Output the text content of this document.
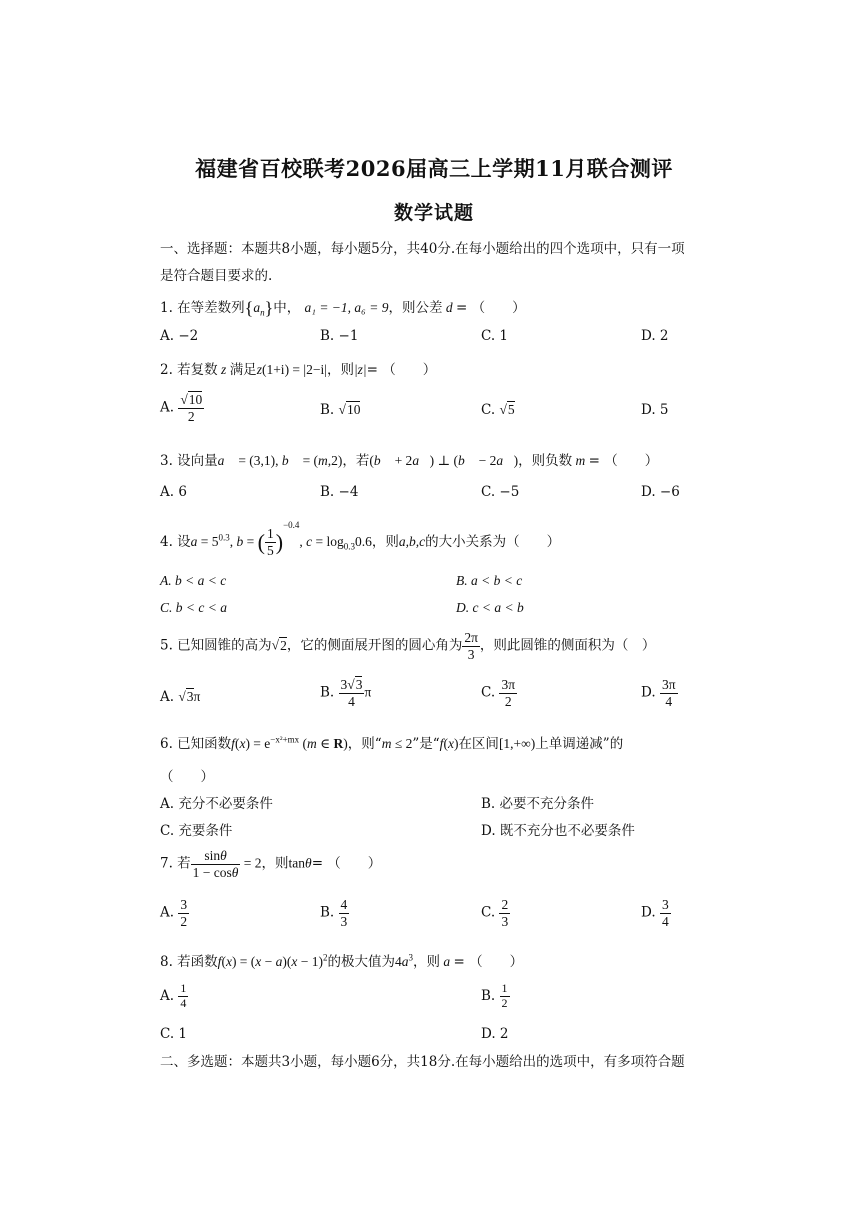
福建省百校联考2026届高三上学期11月联合测评
数学试题
一、选择题：本题共8小题，每小题5分，共40分.在每小题给出的四个选项中，只有一项
是符合题目要求的.
1. 在等差数列$\{a_n\}$中， a₁ = −1, a₆ = 9，则公差 d = （　　）
A. −2	B. −1	C. 1	D. 2
2. 若复数 z 满足z(1+i) = |2−i|，则|z|= （　　）
A. $\frac{√10}{2}$	B. √10	C. √5	D. 5
3. 设向量a⃗ = (3,1), b⃗ = (m,2)，若(b⃗ + 2a⃗) ⊥ (b⃗ − 2a⃗)，则负数 m = （　　）
A. 6	B. −4	C. −5	D. −6
4. 设$a = 5^{0.3}$, b = ( $\frac{1}{5} )^{-0.4}$, $c = \log_{0.3}0.6$，则a,b,c的大小关系为（　　）
A. b < a < c	B. a < b < c
C. b < c < a	D. c < a < b
5. 已知圆锥的高为√2，它的侧面展开图的圆心角为 $\frac{2\pi}{3}$ ，则此圆锥的侧面积为（　）
A. √3π	B. $\frac{3√3}{4}$ π	C. $\frac{3\pi}{2}$	D. $\frac{3\pi}{4}$
6. 已知函数$f(x) = e^{-x^2+mx}$ (m ∈ R)，则“m ≤ 2”是“f(x)在区间[1,+∞)上单调递减”的
（　　）
A. 充分不必要条件	B. 必要不充分条件
C. 充要条件	D. 既不充分也不必要条件
7. 若 $\frac{\sin\theta}{1 - \cos\theta} = 2$，则tanθ= （　　）
A. $\frac{3}{2}$	B. $\frac{4}{3}$	C. $\frac{2}{3}$	D. $\frac{3}{4}$
8. 若函数$f(x) = (x - a)(x - 1)^2$的极大值为$4a^3$，则 a = （　　）
A. $\frac{1}{4}$	B. $\frac{1}{2}$
C. 1	D. 2
二、多选题：本题共3小题，每小题6分，共18分.在每小题给出的选项中，有多项符合题
